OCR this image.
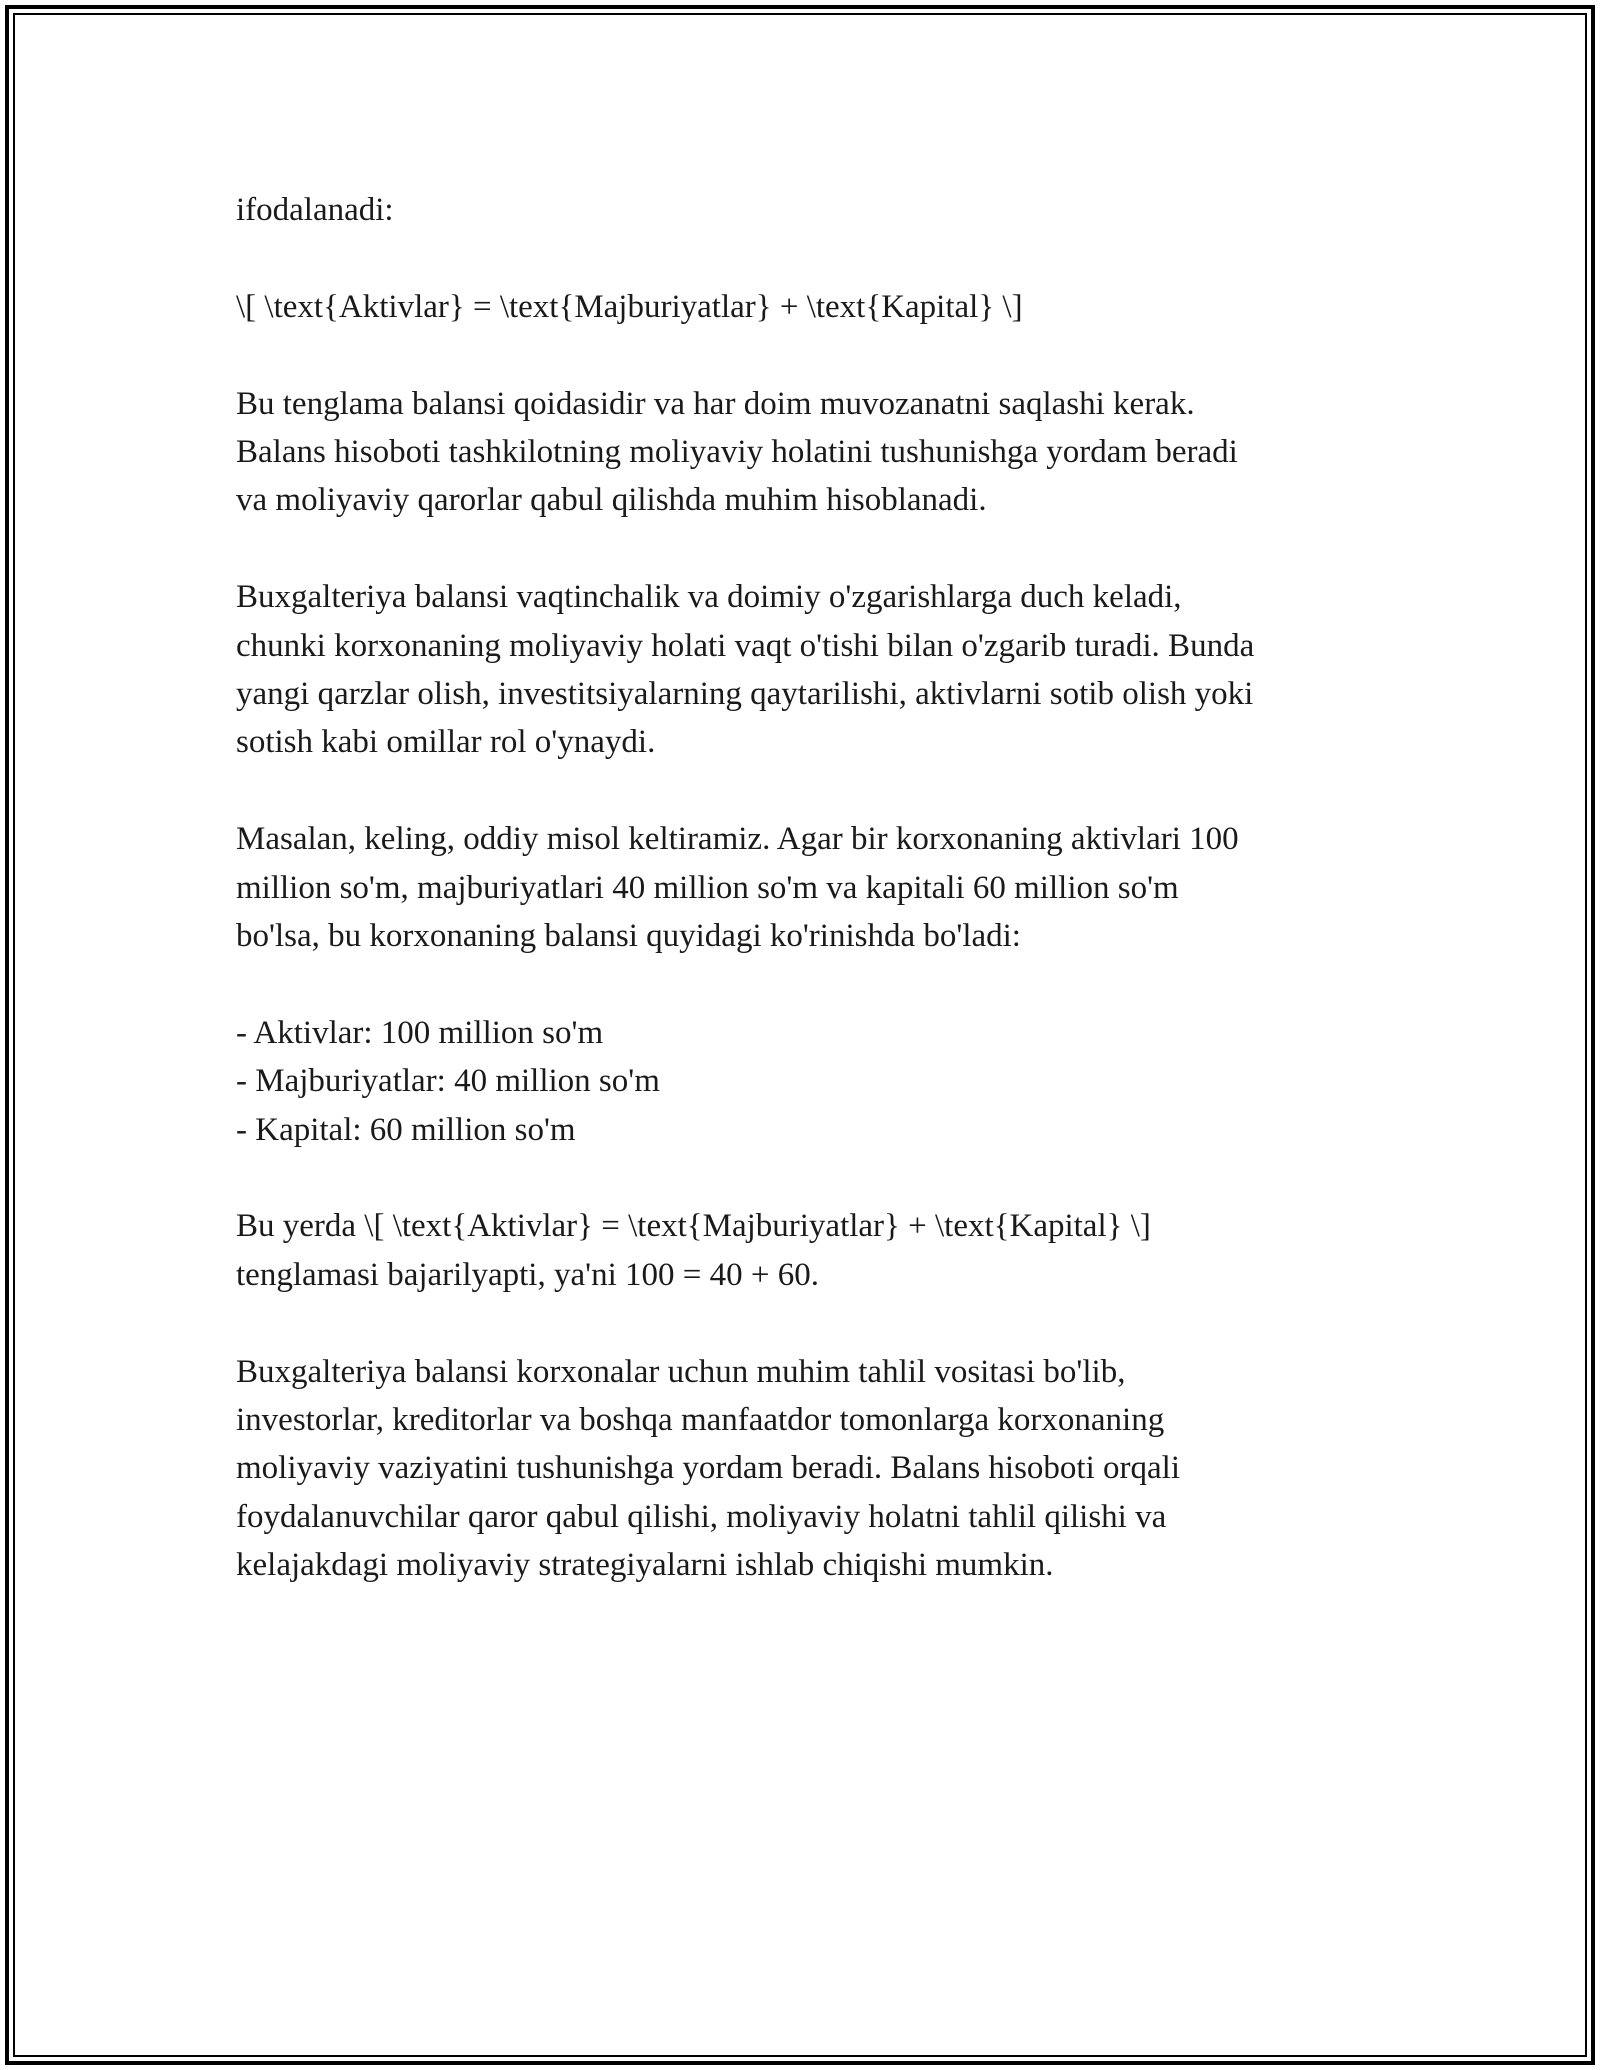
ifodalanadi:

\[ \text{Aktivlar} = \text{Majburiyatlar} + \text{Kapital} \]

Bu tenglama balansi qoidasidir va har doim muvozanatni saqlashi kerak.
Balans hisoboti tashkilotning moliyaviy holatini tushunishga yordam beradi
va moliyaviy qarorlar qabul qilishda muhim hisoblanadi.

Buxgalteriya balansi vaqtinchalik va doimiy o'zgarishlarga duch keladi,
chunki korxonaning moliyaviy holati vaqt o'tishi bilan o'zgarib turadi. Bunda
yangi qarzlar olish, investitsiyalarning qaytarilishi, aktivlarni sotib olish yoki
sotish kabi omillar rol o'ynaydi.

Masalan, keling, oddiy misol keltiramiz. Agar bir korxonaning aktivlari 100
million so'm, majburiyatlari 40 million so'm va kapitali 60 million so'm
bo'lsa, bu korxonaning balansi quyidagi ko'rinishda bo'ladi:

- Aktivlar: 100 million so'm
- Majburiyatlar: 40 million so'm
- Kapital: 60 million so'm

Bu yerda \[ \text{Aktivlar} = \text{Majburiyatlar} + \text{Kapital} \]
tenglamasi bajarilyapti, ya'ni 100 = 40 + 60.

Buxgalteriya balansi korxonalar uchun muhim tahlil vositasi bo'lib,
investorlar, kreditorlar va boshqa manfaatdor tomonlarga korxonaning
moliyaviy vaziyatini tushunishga yordam beradi. Balans hisoboti orqali
foydalanuvchilar qaror qabul qilishi, moliyaviy holatni tahlil qilishi va
kelajakdagi moliyaviy strategiyalarni ishlab chiqishi mumkin.
